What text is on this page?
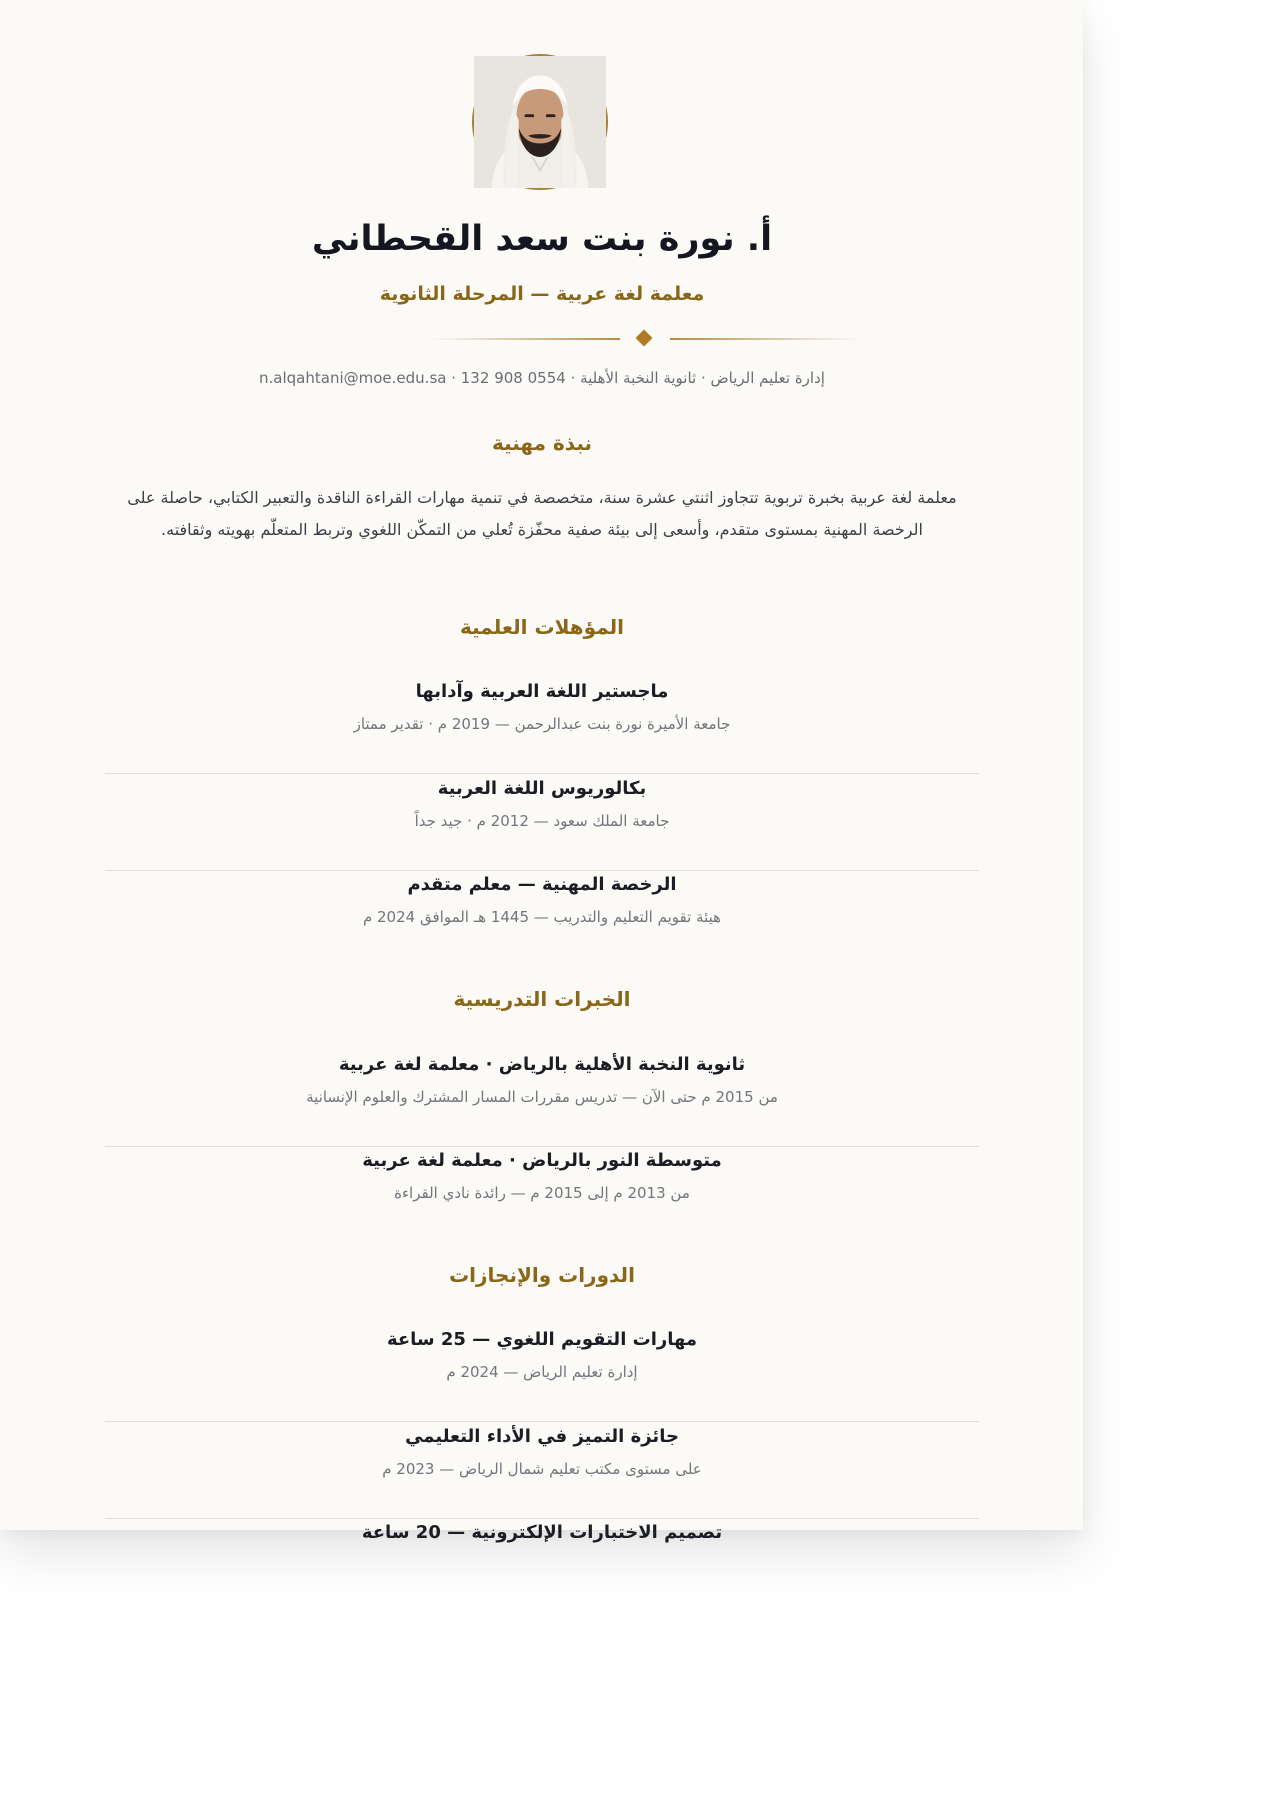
أ. نورة بنت سعد القحطاني
معلمة لغة عربية — المرحلة الثانوية
إدارة تعليم الرياض · ثانوية النخبة الأهلية · 0554 908 132 · n.alqahtani@moe.edu.sa
نبذة مهنية
معلمة لغة عربية بخبرة تربوية تتجاوز اثنتي عشرة سنة، متخصصة في تنمية مهارات القراءة الناقدة والتعبير الكتابي، حاصلة على الرخصة المهنية بمستوى متقدم، وأسعى إلى بيئة صفية محفّزة تُعلي من التمكّن اللغوي وتربط المتعلّم بهويته وثقافته.
المؤهلات العلمية
ماجستير اللغة العربية وآدابها
جامعة الأميرة نورة بنت عبدالرحمن — 2019 م · تقدير ممتاز
بكالوريوس اللغة العربية
جامعة الملك سعود — 2012 م · جيد جداً
الرخصة المهنية — معلم متقدم
هيئة تقويم التعليم والتدريب — 1445 هـ الموافق 2024 م
الخبرات التدريسية
ثانوية النخبة الأهلية بالرياض · معلمة لغة عربية
من 2015 م حتى الآن — تدريس مقررات المسار المشترك والعلوم الإنسانية
متوسطة النور بالرياض · معلمة لغة عربية
من 2013 م إلى 2015 م — رائدة نادي القراءة
الدورات والإنجازات
مهارات التقويم اللغوي — 25 ساعة
إدارة تعليم الرياض — 2024 م
جائزة التميز في الأداء التعليمي
على مستوى مكتب تعليم شمال الرياض — 2023 م
تصميم الاختبارات الإلكترونية — 20 ساعة
